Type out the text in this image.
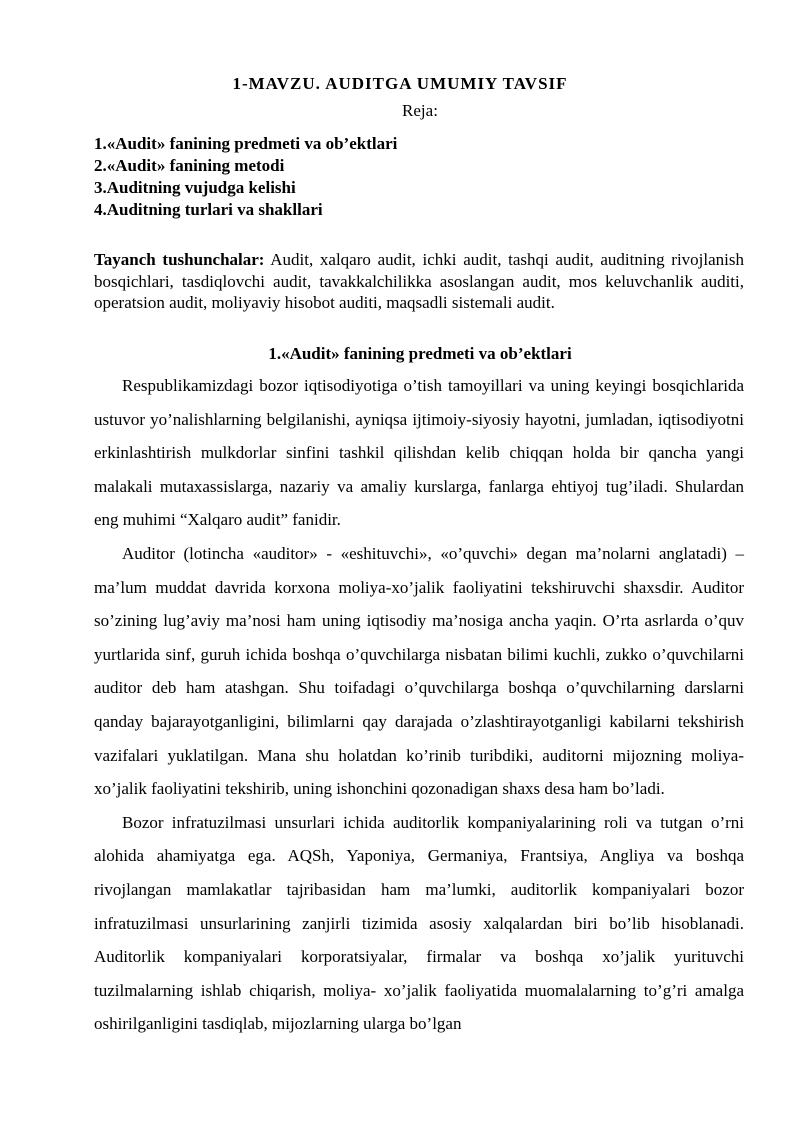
1-MAVZU. AUDITGA UMUMIY TAVSIF
Reja:
1.«Audit» fanining predmeti va ob’ektlari
2.«Audit» fanining metodi
3.Auditning vujudga kelishi
4.Auditning turlari va shakllari
Tayanch tushunchalar: Audit, xalqaro audit, ichki audit, tashqi audit, auditning rivojlanish bosqichlari, tasdiqlovchi audit, tavakkalchilikka asoslangan audit, mos keluvchanlik auditi, operatsion audit, moliyaviy hisobot auditi, maqsadli sistemali audit.
1.«Audit» fanining predmeti va ob’ektlari

Respublikamizdagi bozor iqtisodiyotiga o’tish tamoyillari va uning keyingi bosqichlarida ustuvor yo’nalishlarning belgilanishi, ayniqsa ijtimoiy-siyosiy hayotni, jumladan, iqtisodiyotni erkinlashtirish mulkdorlar sinfini tashkil qilishdan kelib chiqqan holda bir qancha yangi malakali mutaxassislarga, nazariy va amaliy kurslarga, fanlarga ehtiyoj tug’iladi. Shulardan eng muhimi “Xalqaro audit” fanidir.

Auditor (lotincha «auditor» - «eshituvchi», «o’quvchi» degan ma’nolarni anglatadi) – ma’lum muddat davrida korxona moliya-xo’jalik faoliyatini tekshiruvchi shaxsdir. Auditor so’zining lug’aviy ma’nosi ham uning iqtisodiy ma’nosiga ancha yaqin. O’rta asrlarda o’quv yurtlarida sinf, guruh ichida boshqa o’quvchilarga nisbatan bilimi kuchli, zukko o’quvchilarni auditor deb ham atashgan. Shu toifadagi o’quvchilarga boshqa o’quvchilarning darslarni qanday bajarayotganligini, bilimlarni qay darajada o’zlashtirayotganligi kabilarni tekshirish vazifalari yuklatilgan. Mana shu holatdan ko’rinib turibdiki, auditorni mijozning moliya-xo’jalik faoliyatini tekshirib, uning ishonchini qozonadigan shaxs desa ham bo’ladi.

Bozor infratuzilmasi unsurlari ichida auditorlik kompaniyalarining roli va tutgan o’rni alohida ahamiyatga ega. AQSh, Yaponiya, Germaniya, Frantsiya, Angliya va boshqa rivojlangan mamlakatlar tajribasidan ham ma’lumki, auditorlik kompaniyalari bozor infratuzilmasi unsurlarining zanjirli tizimida asosiy xalqalardan biri bo’lib hisoblanadi. Auditorlik kompaniyalari korporatsiyalar, firmalar va boshqa xo’jalik yurituvchi tuzilmalarning ishlab chiqarish, moliya- xo’jalik faoliyatida muomalalarning to’g’ri amalga oshirilganligini tasdiqlab, mijozlarning ularga bo’lgan
